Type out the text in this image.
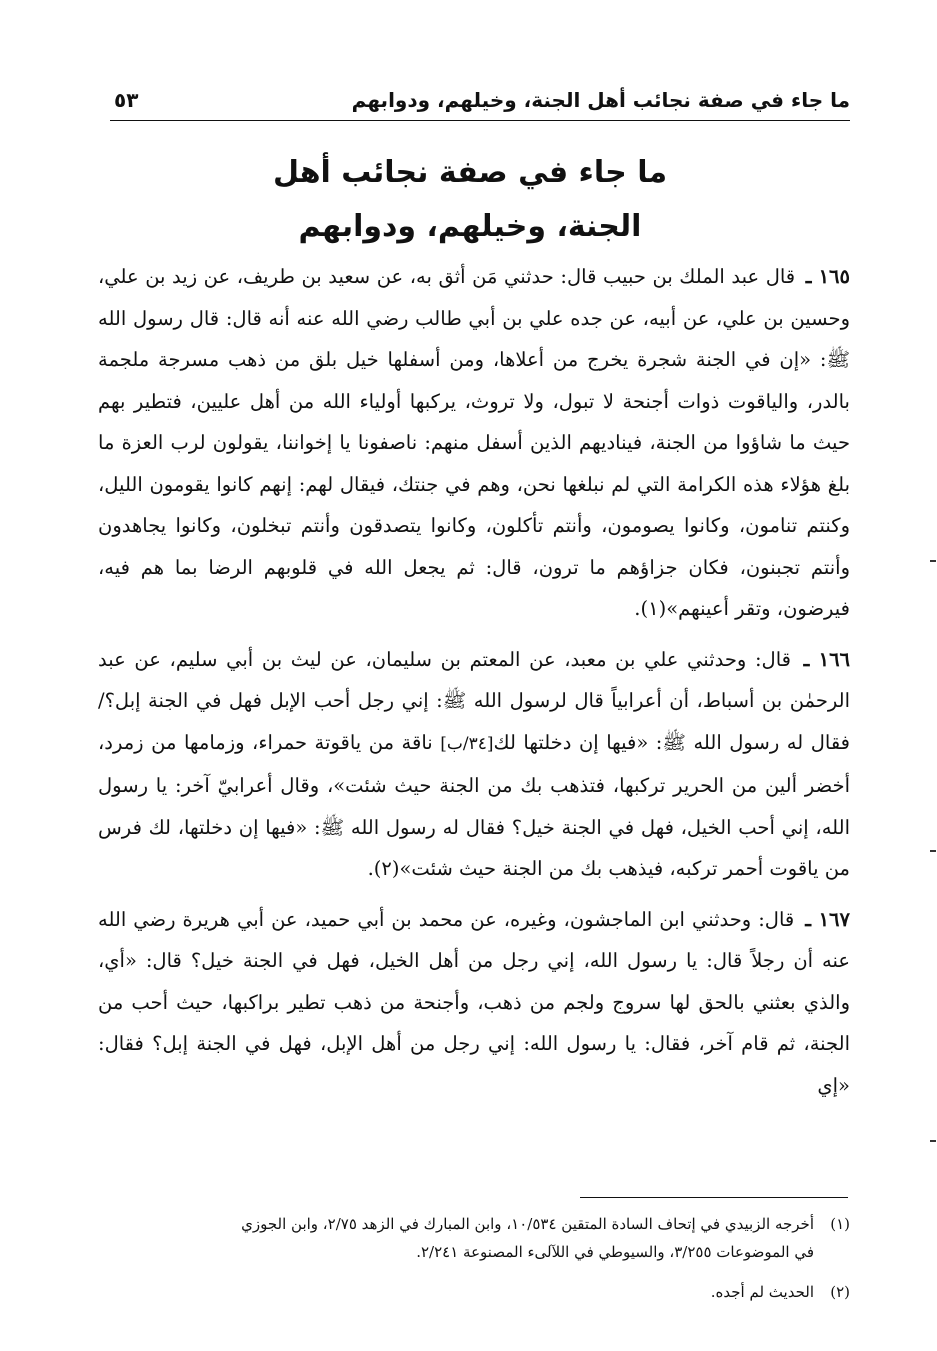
ما جاء في صفة نجائب أهل الجنة، وخيلهم، ودوابهم
٥٣
ما جاء في صفة نجائب أهل
الجنة، وخيلهم، ودوابهم

١٦٥ ـ قال عبد الملك بن حبيب قال: حدثني مَن أثق به، عن سعيد بن طريف، عن زيد بن علي، وحسين بن علي، عن أبيه، عن جده علي بن أبي طالب رضي الله عنه أنه قال: قال رسول الله ﷺ: «إن في الجنة شجرة يخرج من أعلاها، ومن أسفلها خيل بلق من ذهب مسرجة ملجمة بالدر، والياقوت ذوات أجنحة لا تبول، ولا تروث، يركبها أولياء الله من أهل عليين، فتطير بهم حيث ما شاؤوا من الجنة، فيناديهم الذين أسفل منهم: ناصفونا يا إخواننا، يقولون لرب العزة ما بلغ هؤلاء هذه الكرامة التي لم نبلغها نحن، وهم في جنتك، فيقال لهم: إنهم كانوا يقومون الليل، وكنتم تنامون، وكانوا يصومون، وأنتم تأكلون، وكانوا يتصدقون وأنتم تبخلون، وكانوا يجاهدون وأنتم تجبنون، فكان جزاؤهم ما ترون، قال: ثم يجعل الله في قلوبهم الرضا بما هم فيه، فيرضون، وتقر أعينهم»(١).

١٦٦ ـ قال: وحدثني علي بن معبد، عن المعتم بن سليمان، عن ليث بن أبي سليم، عن عبد الرحمٰن بن أسباط، أن أعرابياً قال لرسول الله ﷺ: إني رجل أحب الإبل فهل في الجنة إبل؟/ فقال له رسول الله ﷺ: «فيها إن دخلتها لك[٣٤/ب] ناقة من ياقوتة حمراء، وزمامها من زمرد، أخضر ألين من الحرير تركبها، فتذهب بك من الجنة حيث شئت»، وقال أعرابيّ آخر: يا رسول الله، إني أحب الخيل، فهل في الجنة خيل؟ فقال له رسول الله ﷺ: «فيها إن دخلتها، لك فرس من ياقوت أحمر تركبه، فيذهب بك من الجنة حيث شئت»(٢).

١٦٧ ـ قال: وحدثني ابن الماجشون، وغيره، عن محمد بن أبي حميد، عن أبي هريرة رضي الله عنه أن رجلاً قال: يا رسول الله، إني رجل من أهل الخيل، فهل في الجنة خيل؟ قال: «أي، والذي بعثني بالحق لها سروج ولجم من ذهب، وأجنحة من ذهب تطير براكبها، حيث أحب من الجنة، ثم قام آخر، فقال: يا رسول الله: إني رجل من أهل الإبل، فهل في الجنة إبل؟ فقال: «إي

(١)
أخرجه الزبيدي في إتحاف السادة المتقين ١٠/٥٣٤، وابن المبارك في الزهد ٢/٧٥، وابن الجوزي في الموضوعات ٣/٢٥٥، والسيوطي في اللآلىء المصنوعة ٢/٢٤١.
(٢)
الحديث لم أجده.
